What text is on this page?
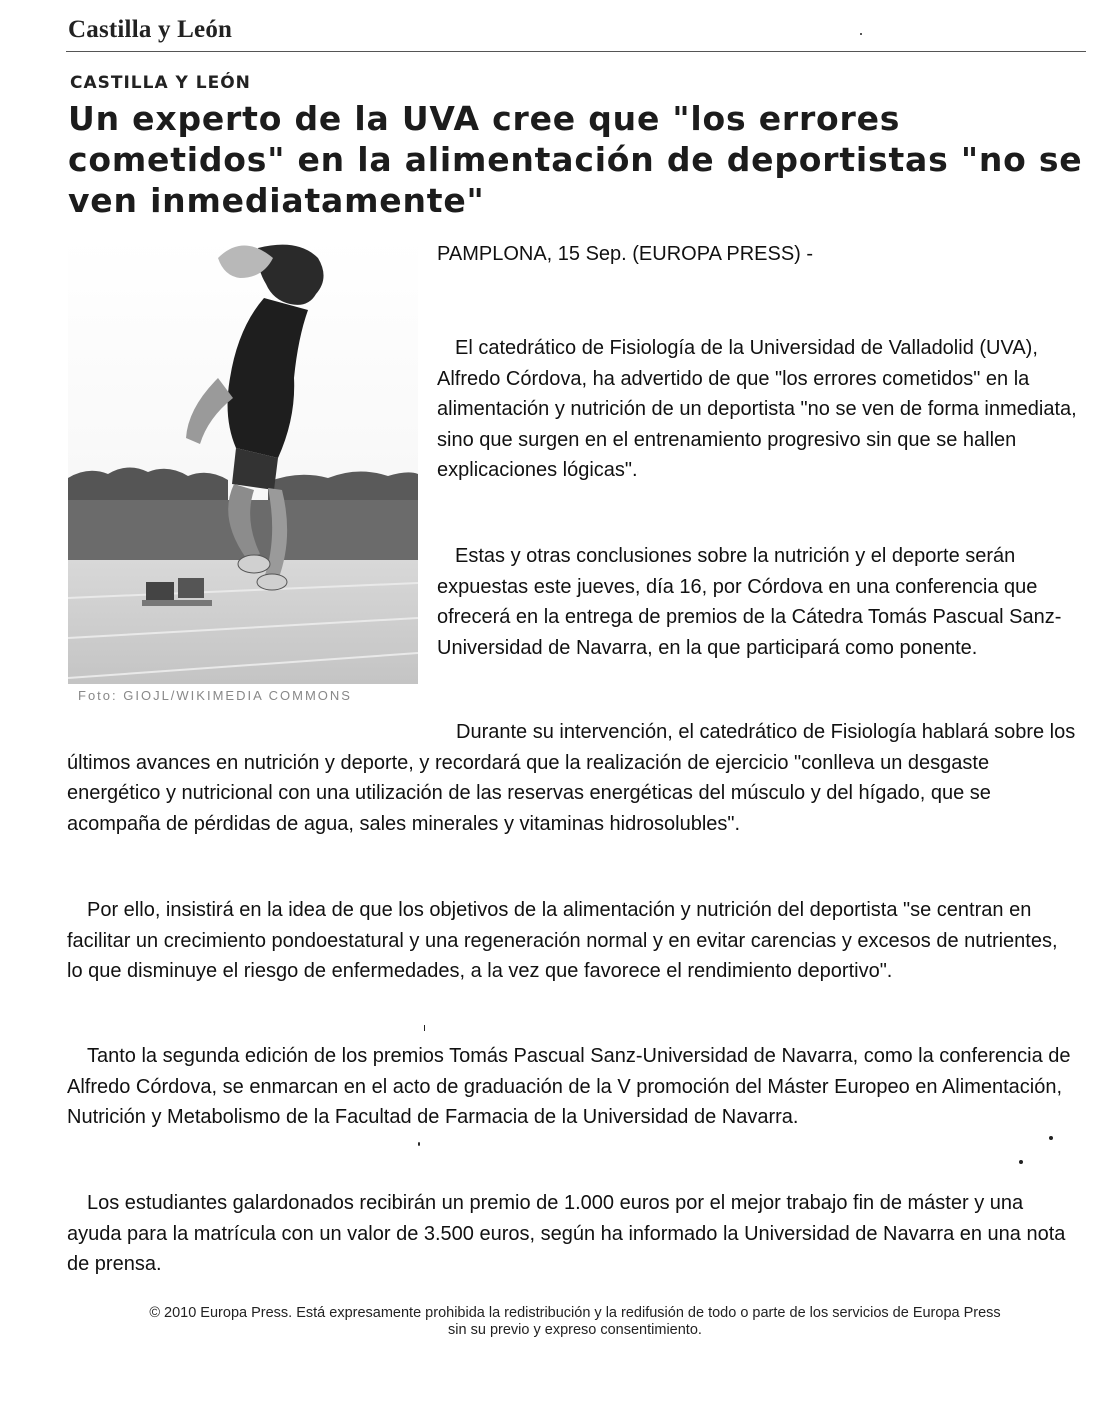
Castilla y León
CASTILLA Y LEÓN
Un experto de la UVA cree que "los errores cometidos" en la alimentación de deportistas "no se ven inmediatamente"
Foto: GIOJL/WIKIMEDIA COMMONS
PAMPLONA, 15 Sep. (EUROPA PRESS) -

El catedrático de Fisiología de la Universidad de Valladolid (UVA), Alfredo Córdova, ha advertido de que "los errores cometidos" en la alimentación y nutrición de un deportista "no se ven de forma inmediata, sino que surgen en el entrenamiento progresivo sin que se hallen explicaciones lógicas".

Estas y otras conclusiones sobre la nutrición y el deporte serán expuestas este jueves, día 16, por Córdova en una conferencia que ofrecerá en la entrega de premios de la Cátedra Tomás Pascual Sanz-Universidad de Navarra, en la que participará como ponente.

Durante su intervención, el catedrático de Fisiología hablará sobre los últimos avances en nutrición y deporte, y recordará que la realización de ejercicio "conlleva un desgaste energético y nutricional con una utilización de las reservas energéticas del músculo y del hígado, que se acompaña de pérdidas de agua, sales minerales y vitaminas hidrosolubles".

Por ello, insistirá en la idea de que los objetivos de la alimentación y nutrición del deportista "se centran en facilitar un crecimiento pondoestatural y una regeneración normal y en evitar carencias y excesos de nutrientes, lo que disminuye el riesgo de enfermedades, a la vez que favorece el rendimiento deportivo".

Tanto la segunda edición de los premios Tomás Pascual Sanz-Universidad de Navarra, como la conferencia de Alfredo Córdova, se enmarcan en el acto de graduación de la V promoción del Máster Europeo en Alimentación, Nutrición y Metabolismo de la Facultad de Farmacia de la Universidad de Navarra.

Los estudiantes galardonados recibirán un premio de 1.000 euros por el mejor trabajo fin de máster y una ayuda para la matrícula con un valor de 3.500 euros, según ha informado la Universidad de Navarra en una nota de prensa.

© 2010 Europa Press. Está expresamente prohibida la redistribución y la redifusión de todo o parte de los servicios de Europa Press
sin su previo y expreso consentimiento.
